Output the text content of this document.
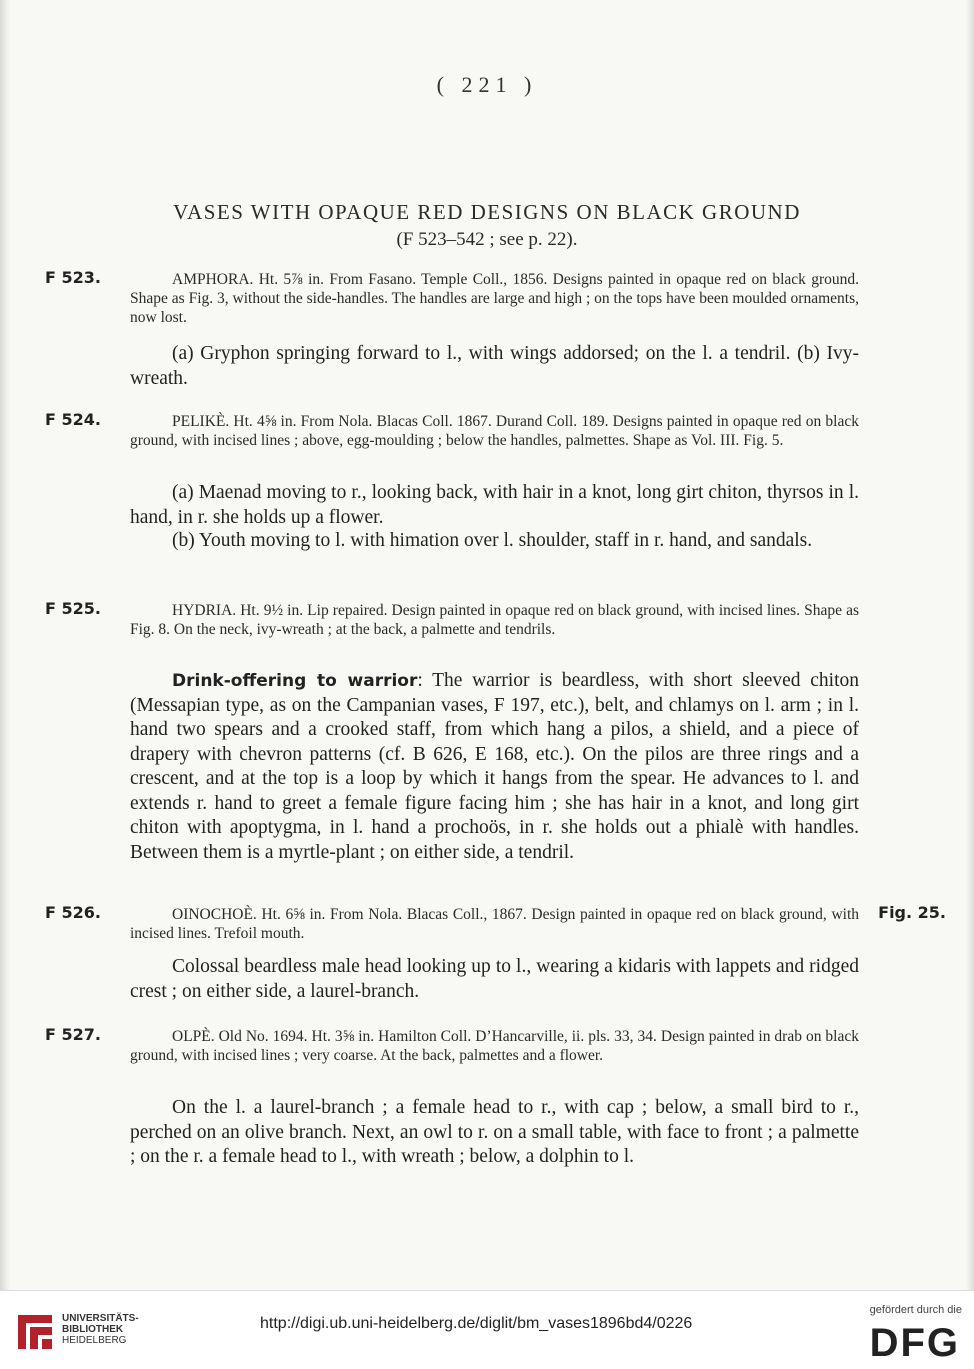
( 221 )
VASES WITH OPAQUE RED DESIGNS ON BLACK GROUND
(F 523–542 ; see p. 22).
F 523.	AMPHORA. Ht. 5⅞ in. From Fasano. Temple Coll., 1856. Designs painted in opaque red on black ground. Shape as Fig. 3, without the side-handles. The handles are large and high ; on the tops have been moulded ornaments, now lost.
(a) Gryphon springing forward to l., with wings addorsed; on the l. a tendril. (b) Ivy-wreath.
F 524.	PELIKÈ. Ht. 4⅝ in. From Nola. Blacas Coll. 1867. Durand Coll. 189. Designs painted in opaque red on black ground, with incised lines ; above, egg-moulding ; below the handles, palmettes. Shape as Vol. III. Fig. 5.
(a) Maenad moving to r., looking back, with hair in a knot, long girt chiton, thyrsos in l. hand, in r. she holds up a flower.
(b) Youth moving to l. with himation over l. shoulder, staff in r. hand, and sandals.
F 525.	HYDRIA. Ht. 9½ in. Lip repaired. Design painted in opaque red on black ground, with incised lines. Shape as Fig. 8. On the neck, ivy-wreath ; at the back, a palmette and tendrils.
Drink-offering to warrior: The warrior is beardless, with short sleeved chiton (Messapian type, as on the Campanian vases, F 197, etc.), belt, and chlamys on l. arm ; in l. hand two spears and a crooked staff, from which hang a pilos, a shield, and a piece of drapery with chevron patterns (cf. B 626, E 168, etc.). On the pilos are three rings and a crescent, and at the top is a loop by which it hangs from the spear. He advances to l. and extends r. hand to greet a female figure facing him ; she has hair in a knot, and long girt chiton with apoptygma, in l. hand a prochoös, in r. she holds out a phialè with handles. Between them is a myrtle-plant ; on either side, a tendril.
F 526.	OINOCHOÈ. Ht. 6⅝ in. From Nola. Blacas Coll., 1867. Design painted in opaque red on black ground, with incised lines. Trefoil mouth.
Colossal beardless male head looking up to l., wearing a kidaris with lappets and ridged crest ; on either side, a laurel-branch.
Fig. 25.
F 527.	OLPÈ. Old No. 1694. Ht. 3⅝ in. Hamilton Coll. D’Hancarville, ii. pls. 33, 34. Design painted in drab on black ground, with incised lines ; very coarse. At the back, palmettes and a flower.
On the l. a laurel-branch ; a female head to r., with cap ; below, a small bird to r., perched on an olive branch. Next, an owl to r. on a small table, with face to front ; a palmette ; on the r. a female head to l., with wreath ; below, a dolphin to l.
UNIVERSITÄTS-
BIBLIOTHEK
HEIDELBERG
http://digi.ub.uni-heidelberg.de/diglit/bm_vases1896bd4/0226
gefördert durch die
DFG
